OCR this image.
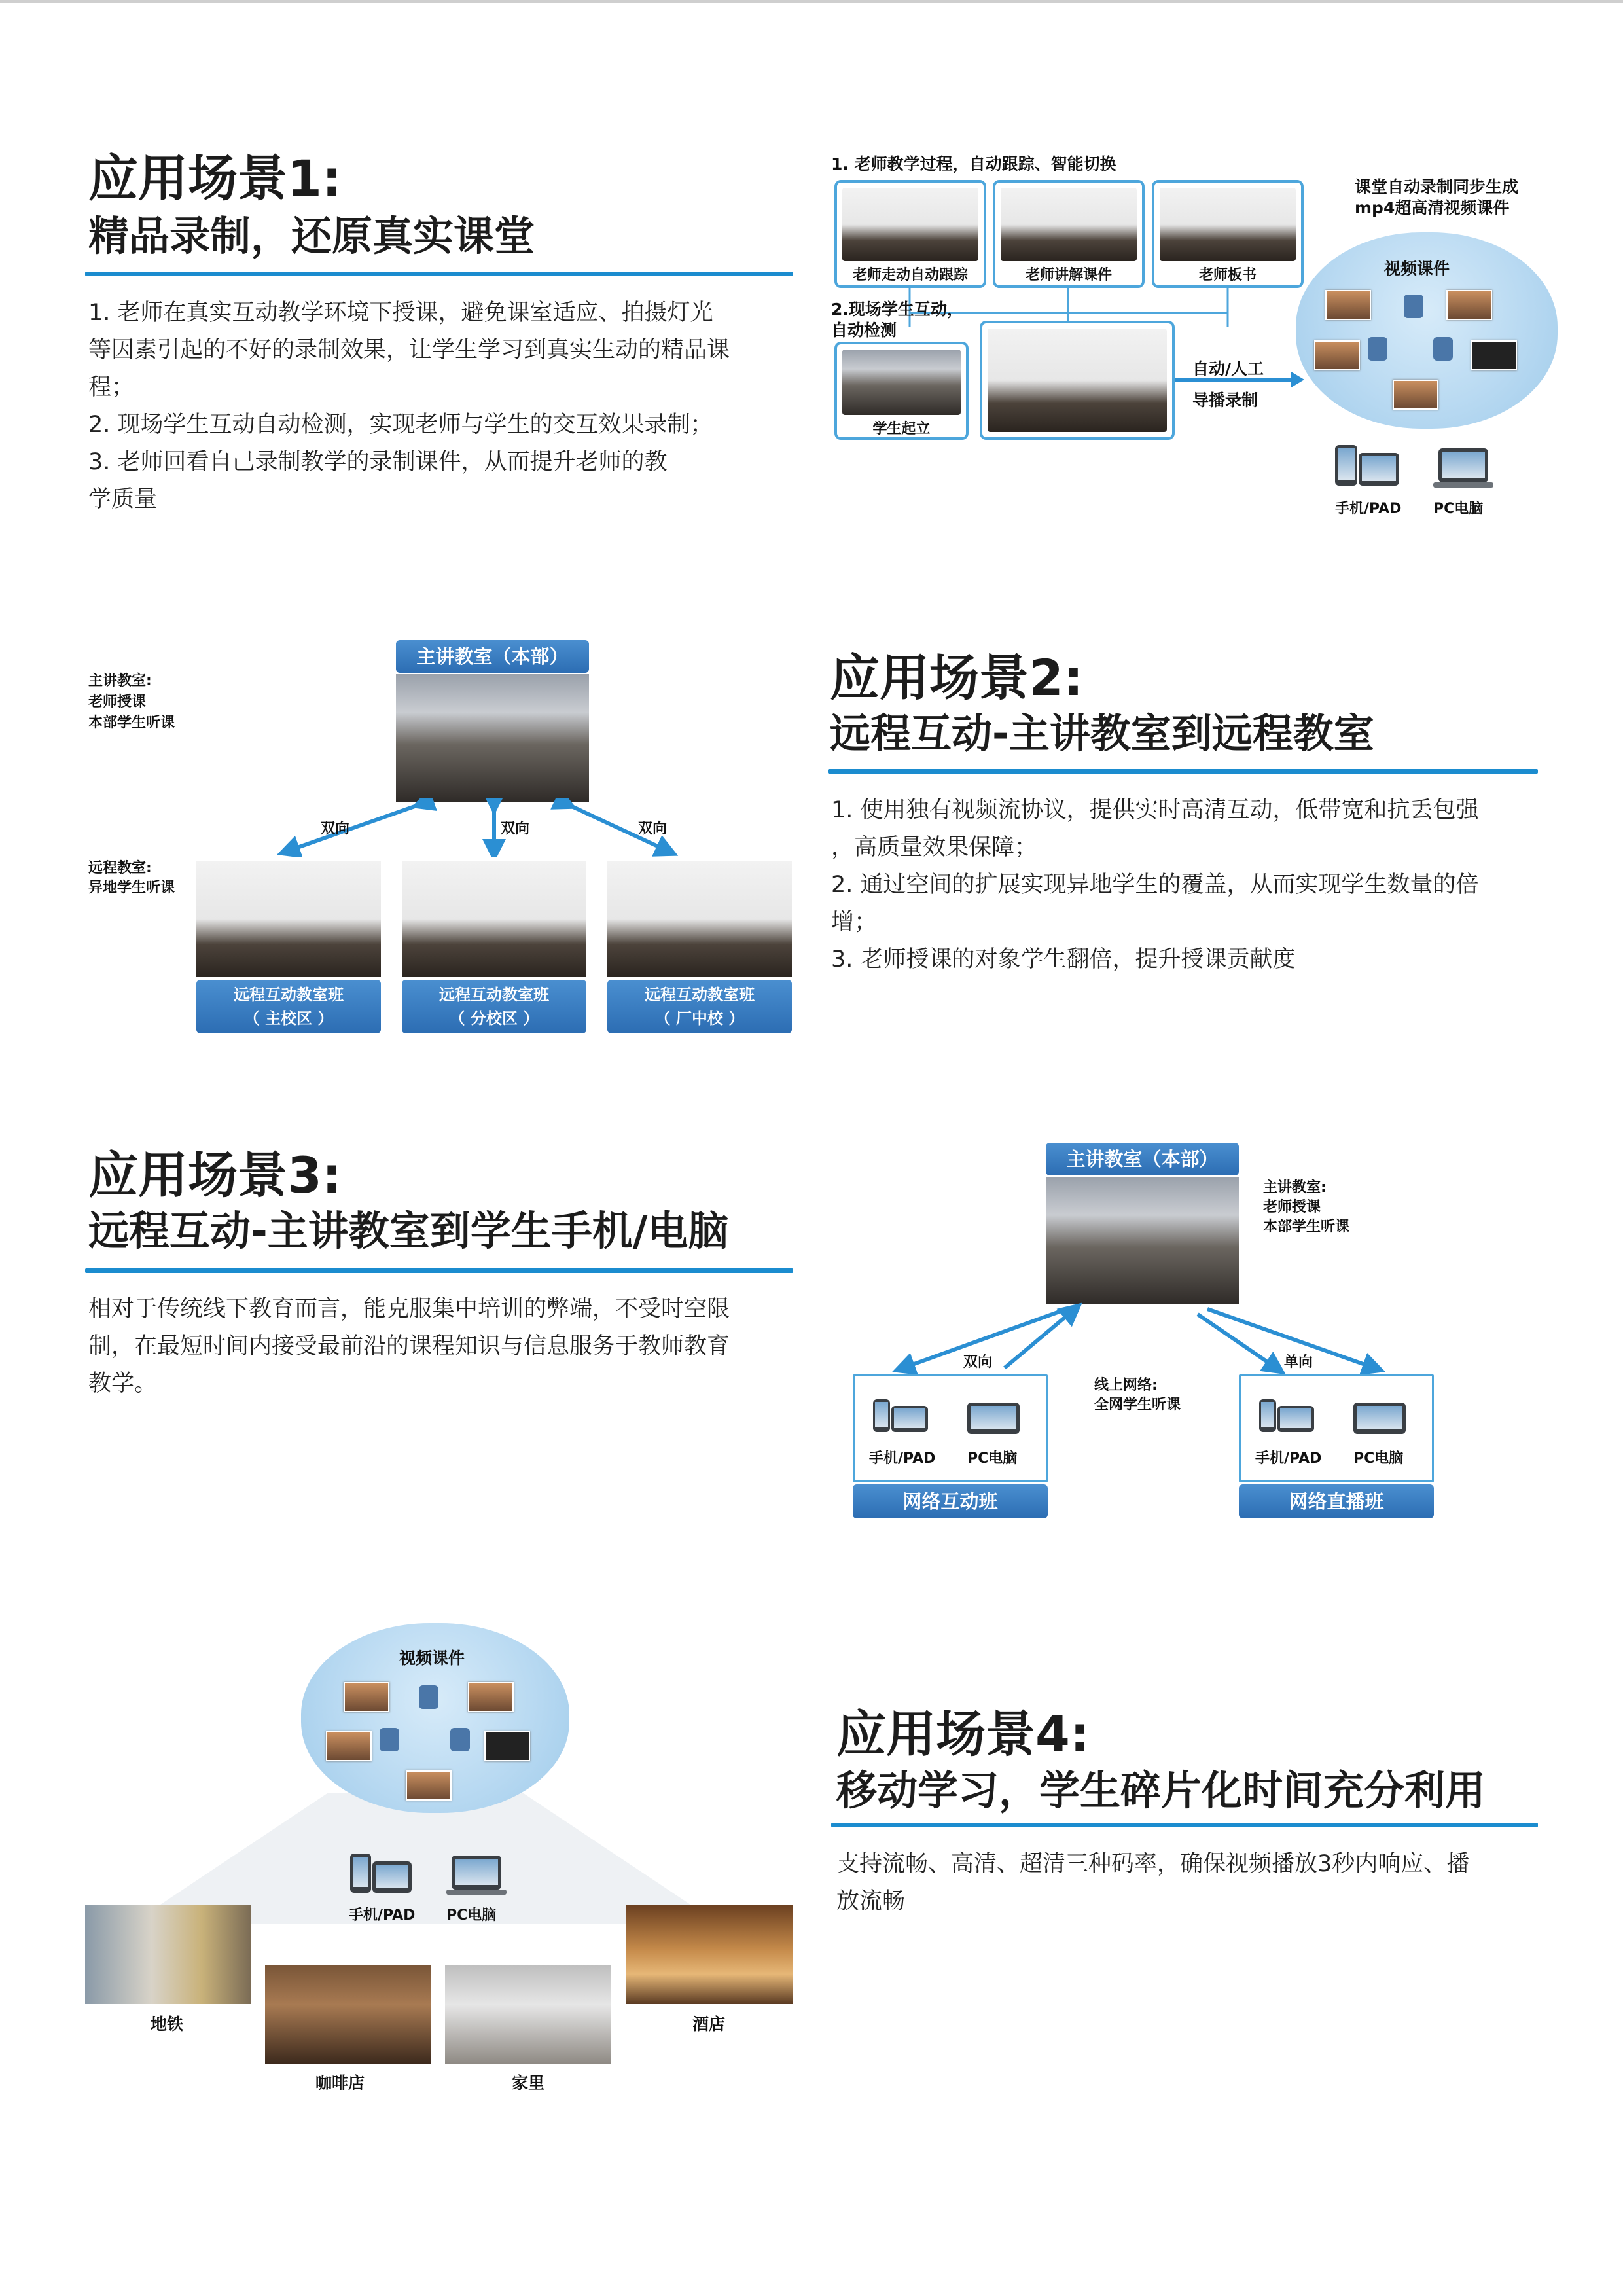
应用场景1:
精品录制，还原真实课堂

1. 老师在真实互动教学环境下授课，避免课室适应、拍摄灯光

等因素引起的不好的录制效果，让学生学习到真实生动的精品课

程；

2. 现场学生互动自动检测，实现老师与学生的交互效果录制；

3. 老师回看自己录制教学的录制课件，从而提升老师的教

学质量

1. 老师教学过程，自动跟踪、智能切换
老师走动自动跟踪	老师讲解课件	老师板书
2.现场学生互动，
自动检测
学生起立
自动/人工
导播录制
课堂自动录制同步生成
mp4超高清视频课件
视频课件
手机/PAD PC电脑
应用场景2:
远程互动-主讲教室到远程教室

1. 使用独有视频流协议，提供实时高清互动，低带宽和抗丢包强

，高质量效果保障；

2. 通过空间的扩展实现异地学生的覆盖，从而实现学生数量的倍

增；

3. 老师授课的对象学生翻倍，提升授课贡献度

主讲教室:
老师授课
本部学生听课
主讲教室（本部）
双向	双向	双向
远程教室:
异地学生听课
远程互动教室班
（ 主校区 ）
远程互动教室班
（ 分校区 ）
远程互动教室班
（ 厂中校 ）
应用场景3:
远程互动-主讲教室到学生手机/电脑

相对于传统线下教育而言，能克服集中培训的弊端，不受时空限

制，在最短时间内接受最前沿的课程知识与信息服务于教师教育

教学。

主讲教室（本部）
主讲教室:
老师授课
本部学生听课
双向	单向
线上网络:
全网学生听课
手机/PAD PC电脑
网络互动班
手机/PAD PC电脑
网络直播班
应用场景4:
移动学习，学生碎片化时间充分利用

支持流畅、高清、超清三种码率，确保视频播放3秒内响应、播

放流畅

视频课件
手机/PAD PC电脑
地铁
咖啡店	家里
酒店
